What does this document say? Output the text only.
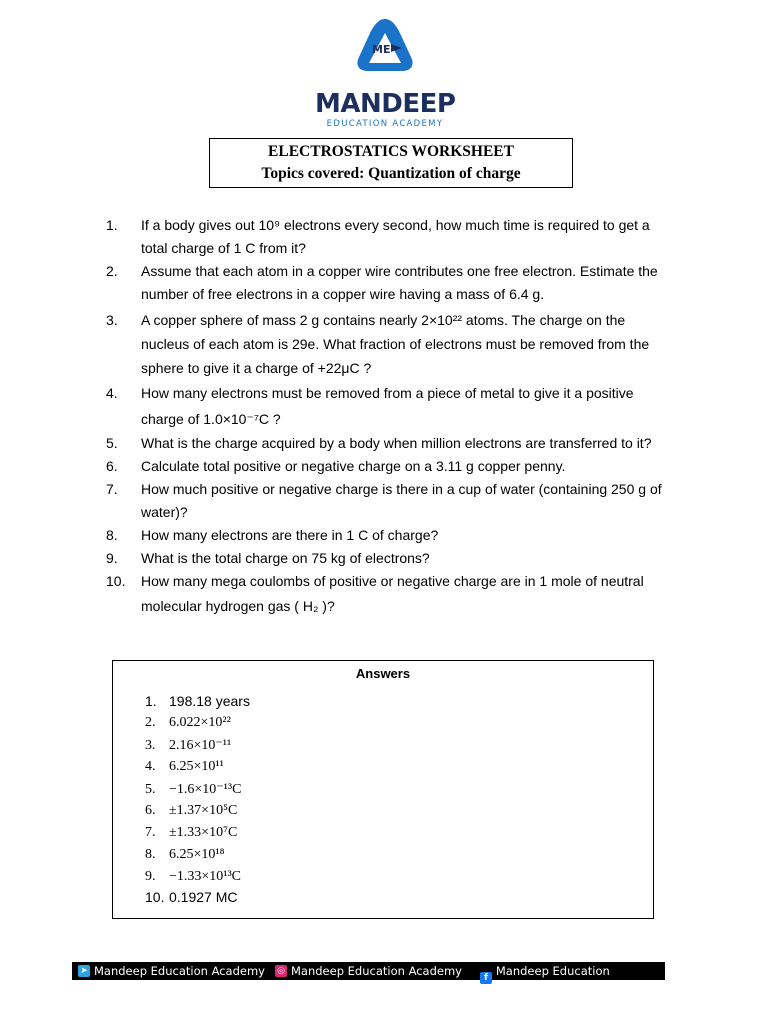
ME
MANDEEP
EDUCATION ACADEMY
ELECTROSTATICS WORKSHEET
Topics covered: Quantization of charge
1. If a body gives out 10⁹ electrons every second, how much time is required to get a
total charge of 1 C from it?
2. Assume that each atom in a copper wire contributes one free electron. Estimate the
number of free electrons in a copper wire having a mass of 6.4 g.
3. A copper sphere of mass 2 g contains nearly 2×10²² atoms. The charge on the
nucleus of each atom is 29e. What fraction of electrons must be removed from the
sphere to give it a charge of +22μC ?
4. How many electrons must be removed from a piece of metal to give it a positive
charge of 1.0×10⁻⁷C ?
5. What is the charge acquired by a body when million electrons are transferred to it?
6. Calculate total positive or negative charge on a 3.11 g copper penny.
7. How much positive or negative charge is there in a cup of water (containing 250 g of
water)?
8. How many electrons are there in 1 C of charge?
9. What is the total charge on 75 kg of electrons?
10. How many mega coulombs of positive or negative charge are in 1 mole of neutral
molecular hydrogen gas ( H₂ )?
Answers
1. 198.18 years
2. 6.022×10²²
3. 2.16×10⁻¹¹
4. 6.25×10¹¹
5. −1.6×10⁻¹³C
6. ±1.37×10⁵C
7. ±1.33×10⁷C
8. 6.25×10¹⁸
9. −1.33×10¹³C
10. 0.1927 MC
➤ Mandeep Education Academy ◎ Mandeep Education Academy	f Mandeep Education Academy
